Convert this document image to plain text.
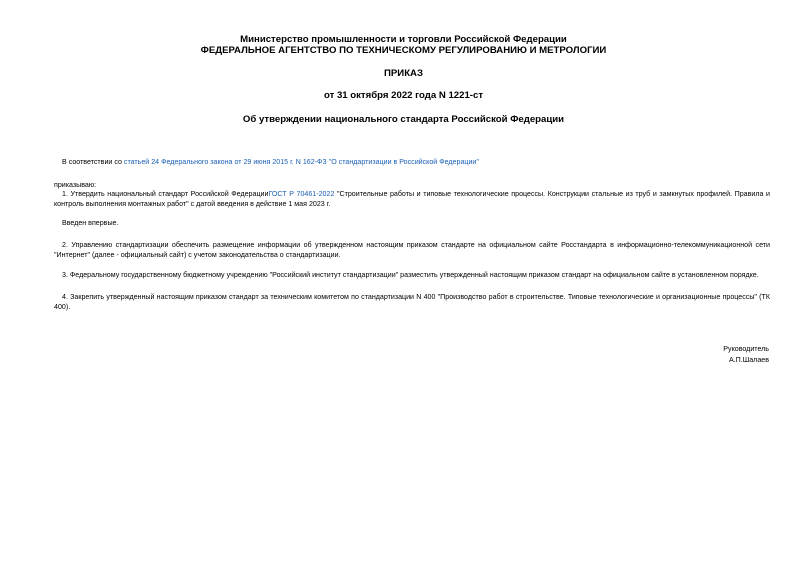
Министерство промышленности и торговли Российской Федерации
ФЕДЕРАЛЬНОЕ АГЕНТСТВО ПО ТЕХНИЧЕСКОМУ РЕГУЛИРОВАНИЮ И МЕТРОЛОГИИ
ПРИКАЗ
от 31 октября 2022 года N 1221-ст
Об утверждении национального стандарта Российской Федерации
В соответствии со статьей 24 Федерального закона от 29 июня 2015 г. N 162-ФЗ "О стандартизации в Российской Федерации"
приказываю:
1. Утвердить национальный стандарт Российской ФедерацииГОСТ Р 70461-2022 "Строительные работы и типовые технологические процессы. Конструкции стальные из труб и замкнутых профилей. Правила и контроль выполнения монтажных работ" с датой введения в действие 1 мая 2023 г.
Введен впервые.
2. Управлению стандартизации обеспечить размещение информации об утвержденном настоящим приказом стандарте на официальном сайте Росстандарта в информационно-телекоммуникационной сети "Интернет" (далее - официальный сайт) с учетом законодательства о стандартизации.
3. Федеральному государственному бюджетному учреждению "Российский институт стандартизации" разместить утвержденный настоящим приказом стандарт на официальном сайте в установленном порядке.
4. Закрепить утвержденный настоящим приказом стандарт за техническим комитетом по стандартизации N 400 "Производство работ в строительстве. Типовые технологические и организационные процессы" (ТК 400).
Руководитель
А.П.Шалаев
